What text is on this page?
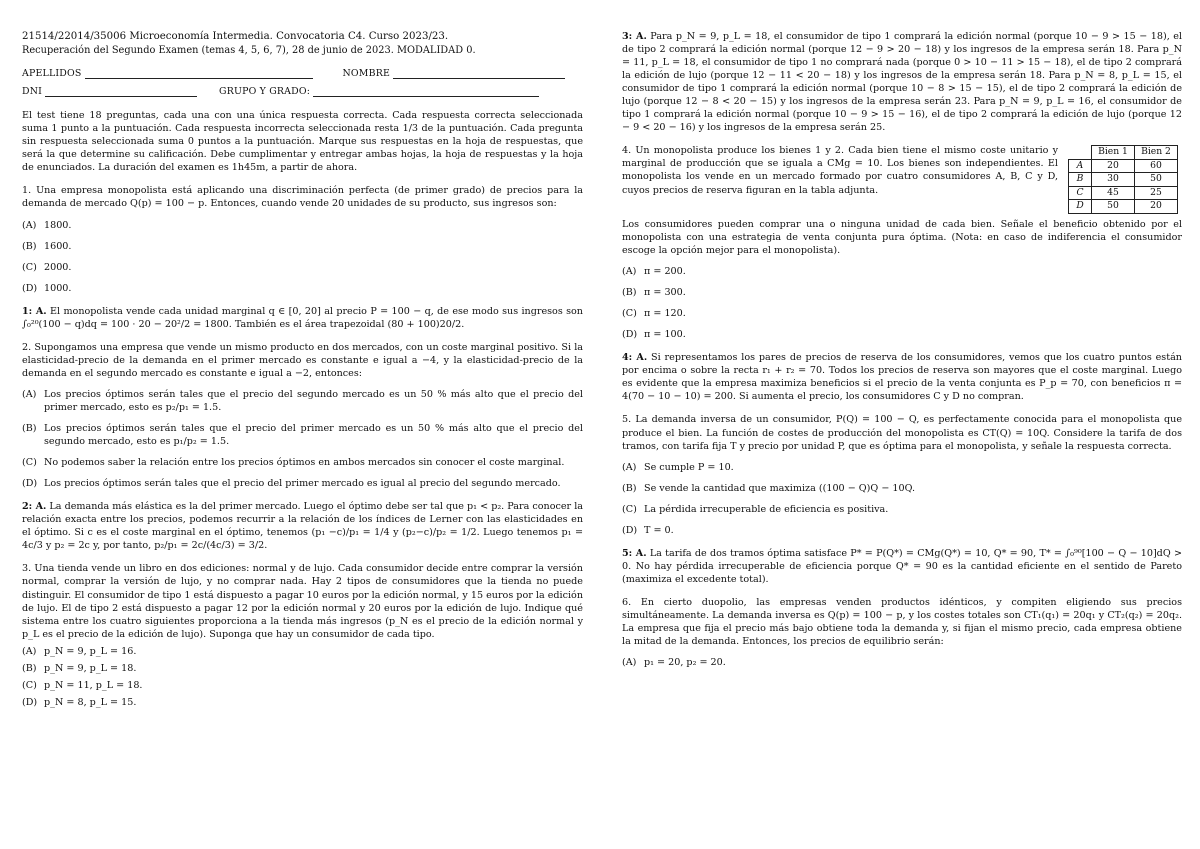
21514/22014/35006 Microeconomía Intermedia. Convocatoria C4. Curso 2023/23.

Recuperación del Segundo Examen (temas 4, 5, 6, 7), 28 de junio de 2023. MODALIDAD 0.

APELLIDOS	NOMBRE
DNI	GRUPO Y GRADO:

El test tiene 18 preguntas, cada una con una única respuesta correcta. Cada respuesta correcta seleccionada suma 1 punto a la puntuación. Cada respuesta incorrecta seleccionada resta 1/3 de la puntuación. Cada pregunta sin respuesta seleccionada suma 0 puntos a la puntuación. Marque sus respuestas en la hoja de respuestas, que será la que determine su calificación. Debe cumplimentar y entregar ambas hojas, la hoja de respuestas y la hoja de enunciados. La duración del examen es 1h45m, a partir de ahora.

1. Una empresa monopolista está aplicando una discriminación perfecta (de primer grado) de precios para la demanda de mercado Q(p) = 100 − p. Entonces, cuando vende 20 unidades de su producto, sus ingresos son:

(A) 1800.
(B) 1600.
(C) 2000.
(D) 1000.

1: A. El monopolista vende cada unidad marginal q ∈ [0, 20] al precio P = 100 − q, de ese modo sus ingresos son ∫₀²⁰(100 − q)dq = 100 · 20 − 20²/2 = 1800. También es el área trapezoidal (80 + 100)20/2.

2. Supongamos una empresa que vende un mismo producto en dos mercados, con un coste marginal positivo. Si la elasticidad-precio de la demanda en el primer mercado es constante e igual a −4, y la elasticidad-precio de la demanda en el segundo mercado es constante e igual a −2, entonces:

(A) Los precios óptimos serán tales que el precio del segundo mercado es un 50 % más alto que el precio del primer mercado, esto es p₂/p₁ = 1.5.
(B) Los precios óptimos serán tales que el precio del primer mercado es un 50 % más alto que el precio del segundo mercado, esto es p₁/p₂ = 1.5.
(C) No podemos saber la relación entre los precios óptimos en ambos mercados sin conocer el coste marginal.
(D) Los precios óptimos serán tales que el precio del primer mercado es igual al precio del segundo mercado.

2: A. La demanda más elástica es la del primer mercado. Luego el óptimo debe ser tal que p₁ < p₂. Para conocer la relación exacta entre los precios, podemos recurrir a la relación de los índices de Lerner con las elasticidades en el óptimo. Si c es el coste marginal en el óptimo, tenemos (p₁ −c)/p₁ = 1/4 y (p₂−c)/p₂ = 1/2. Luego tenemos p₁ = 4c/3 y p₂ = 2c y, por tanto, p₂/p₁ = 2c/(4c/3) = 3/2.

3. Una tienda vende un libro en dos ediciones: normal y de lujo. Cada consumidor decide entre comprar la versión normal, comprar la versión de lujo, y no comprar nada. Hay 2 tipos de consumidores que la tienda no puede distinguir. El consumidor de tipo 1 está dispuesto a pagar 10 euros por la edición normal, y 15 euros por la edición de lujo. El de tipo 2 está dispuesto a pagar 12 por la edición normal y 20 euros por la edición de lujo. Indique qué sistema entre los cuatro siguientes proporciona a la tienda más ingresos (p_N es el precio de la edición normal y p_L es el precio de la edición de lujo). Suponga que hay un consumidor de cada tipo.

(A) p_N = 9, p_L = 16.
(B) p_N = 9, p_L = 18.
(C) p_N = 11, p_L = 18.
(D) p_N = 8, p_L = 15.

3: A. Para p_N = 9, p_L = 18, el consumidor de tipo 1 comprará la edición normal (porque 10 − 9 > 15 − 18), el de tipo 2 comprará la edición normal (porque 12 − 9 > 20 − 18) y los ingresos de la empresa serán 18. Para p_N = 11, p_L = 18, el consumidor de tipo 1 no comprará nada (porque 0 > 10 − 11 > 15 − 18), el de tipo 2 comprará la edición de lujo (porque 12 − 11 < 20 − 18) y los ingresos de la empresa serán 18. Para p_N = 8, p_L = 15, el consumidor de tipo 1 comprará la edición normal (porque 10 − 8 > 15 − 15), el de tipo 2 comprará la edición de lujo (porque 12 − 8 < 20 − 15) y los ingresos de la empresa serán 23. Para p_N = 9, p_L = 16, el consumidor de tipo 1 comprará la edición normal (porque 10 − 9 > 15 − 16), el de tipo 2 comprará la edición de lujo (porque 12 − 9 < 20 − 16) y los ingresos de la empresa serán 25.

4. Un monopolista produce los bienes 1 y 2. Cada bien tiene el mismo coste unitario y marginal de producción que se iguala a CMg = 10. Los bienes son independientes. El monopolista los vende en un mercado formado por cuatro consumidores A, B, C y D, cuyos precios de reserva figuran en la tabla adjunta.

	Bien 1	Bien 2
A	20	60
B	30	50
C	45	25
D	50	20

Los consumidores pueden comprar una o ninguna unidad de cada bien. Señale el beneficio obtenido por el monopolista con una estrategia de venta conjunta pura óptima. (Nota: en caso de indiferencia el consumidor escoge la opción mejor para el monopolista).

(A) π = 200.
(B) π = 300.
(C) π = 120.
(D) π = 100.

4: A. Si representamos los pares de precios de reserva de los consumidores, vemos que los cuatro puntos están por encima o sobre la recta r₁ + r₂ = 70. Todos los precios de reserva son mayores que el coste marginal. Luego es evidente que la empresa maximiza beneficios si el precio de la venta conjunta es P_p = 70, con beneficios π = 4(70 − 10 − 10) = 200. Si aumenta el precio, los consumidores C y D no compran.

5. La demanda inversa de un consumidor, P(Q) = 100 − Q, es perfectamente conocida para el monopolista que produce el bien. La función de costes de producción del monopolista es CT(Q) = 10Q. Considere la tarifa de dos tramos, con tarifa fija T y precio por unidad P, que es óptima para el monopolista, y señale la respuesta correcta.

(A) Se cumple P = 10.
(B) Se vende la cantidad que maximiza ((100 − Q)Q − 10Q.
(C) La pérdida irrecuperable de eficiencia es positiva.
(D) T = 0.

5: A. La tarifa de dos tramos óptima satisface P* = P(Q*) = CMg(Q*) = 10, Q* = 90, T* = ∫₀⁹⁰[100 − Q − 10]dQ > 0. No hay pérdida irrecuperable de eficiencia porque Q* = 90 es la cantidad eficiente en el sentido de Pareto (maximiza el excedente total).

6. En cierto duopolio, las empresas venden productos idénticos, y compiten eligiendo sus precios simultáneamente. La demanda inversa es Q(p) = 100 − p, y los costes totales son CT₁(q₁) = 20q₁ y CT₂(q₂) = 20q₂. La empresa que fija el precio más bajo obtiene toda la demanda y, si fijan el mismo precio, cada empresa obtiene la mitad de la demanda. Entonces, los precios de equilibrio serán:

(A) p₁ = 20, p₂ = 20.
